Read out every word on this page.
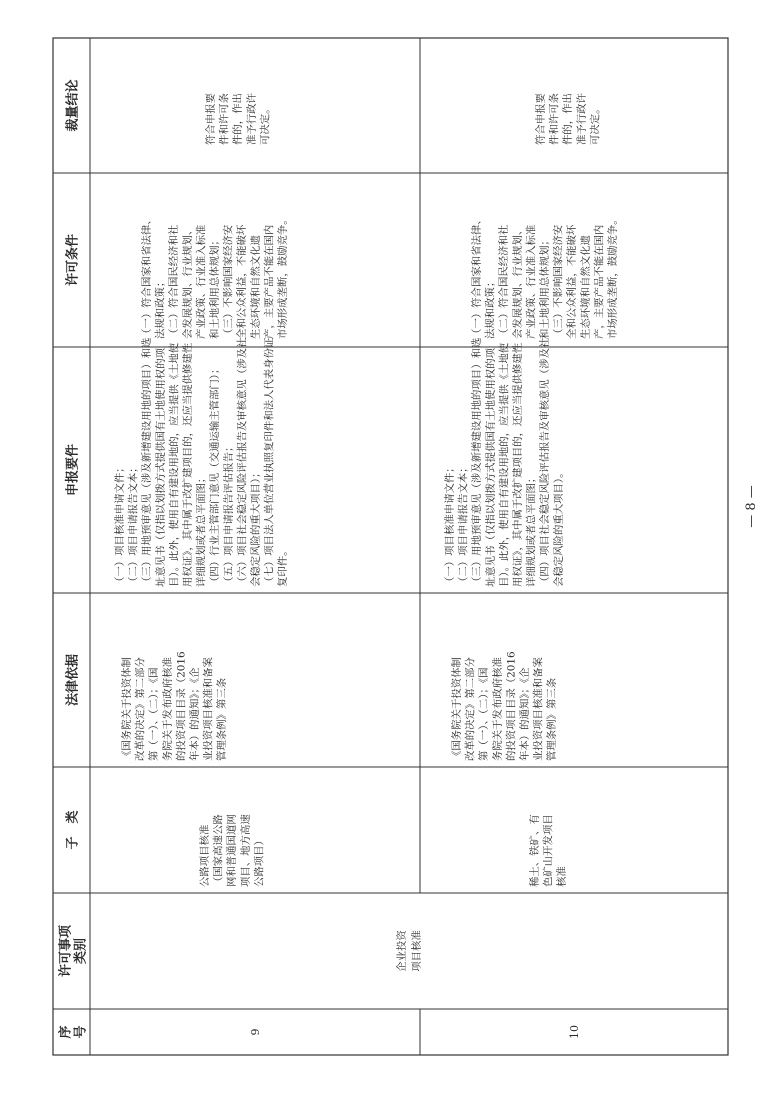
序 号
许可事项 类别
子　类
法律依据
申报要件
许可条件
裁量结论
企业投资 项目核准
9
公路项目核准 （国家高速公路 网和普通国道网 项目、地方高速 公路项目）
《国务院关于投资体制 改革的决定》第二部分 第（一）、（二）；《国 务院关于发布政府核准 的投资项目目录（2016 年本）的通知》；《企 业投资项目核准和备案 管理条例》第三条
（一）项目核准申请文件； （二）项目申请报告文本； （三）用地预审意见（涉及新增建设用地的项目）和选 址意见书（仅指以划拨方式提供国有土地使用权的项 目）。此外，使用自有建设用地的，应当提供《土地使 用权证》，其中属于改扩建项目的，还应当提供修建性 详细规划或者总平面图； （四）行业主管部门意见（交通运输主管部门）； （五）项目申请报告评估报告； （六）项目社会稳定风险评估报告及审核意见（涉及社 会稳定风险的重大项目）； （七）项目法人单位营业执照复印件和法人代表身份证 复印件。
（一）符合国家和省法律、 法规和政策； （二）符合国民经济和社 会发展规划、行业规划、 产业政策、行业准入标准 和土地利用总体规划； （三）不影响国家经济安 全和公众利益，不能破坏 生态环境和自然文化遗 产，主要产品不能在国内 市场形成垄断，鼓励竞争。
符合申报要 件和许可条 件的，作出 准予行政许 可决定。
10
稀土、铁矿、有 色矿山开发项目 核准
《国务院关于投资体制 改革的决定》第二部分 第（一）、（二）；《国 务院关于发布政府核准 的投资项目目录（2016 年本）的通知》；《企 业投资项目核准和备案 管理条例》第三条
（一）项目核准申请文件； （二）项目申请报告文本； （三）用地预审意见（涉及新增建设用地的项目）和选 址意见书（仅指以划拨方式提供国有土地使用权的项 目）。此外，使用自有建设用地的，应当提供《土地使 用权证》，其中属于改扩建项目的，还应当提供修建性 详细规划或者总平面图； （四）项目社会稳定风险评估报告及审核意见（涉及社 会稳定风险的重大项目）。
（一）符合国家和省法律、 法规和政策； （二）符合国民经济和社 会发展规划、行业规划、 产业政策、行业准入标准 和土地利用总体规划； （三）不影响国家经济安 全和公众利益，不能破坏 生态环境和自然文化遗 产，主要产品不能在国内 市场形成垄断，鼓励竞争。
符合申报要 件和许可条 件的，作出 准予行政许 可决定。
— 8 —
